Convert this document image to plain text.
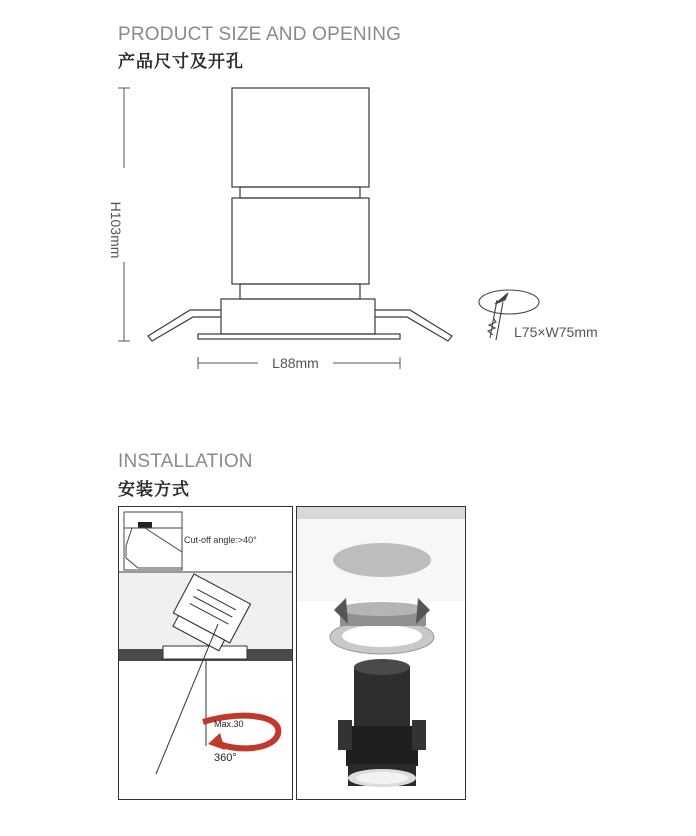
PRODUCT SIZE AND OPENING
产品尺寸及开孔
H103mm
L88mm
L75×W75mm
INSTALLATION
安装方式
Cut-off angle:>40°
Max.30
360°
